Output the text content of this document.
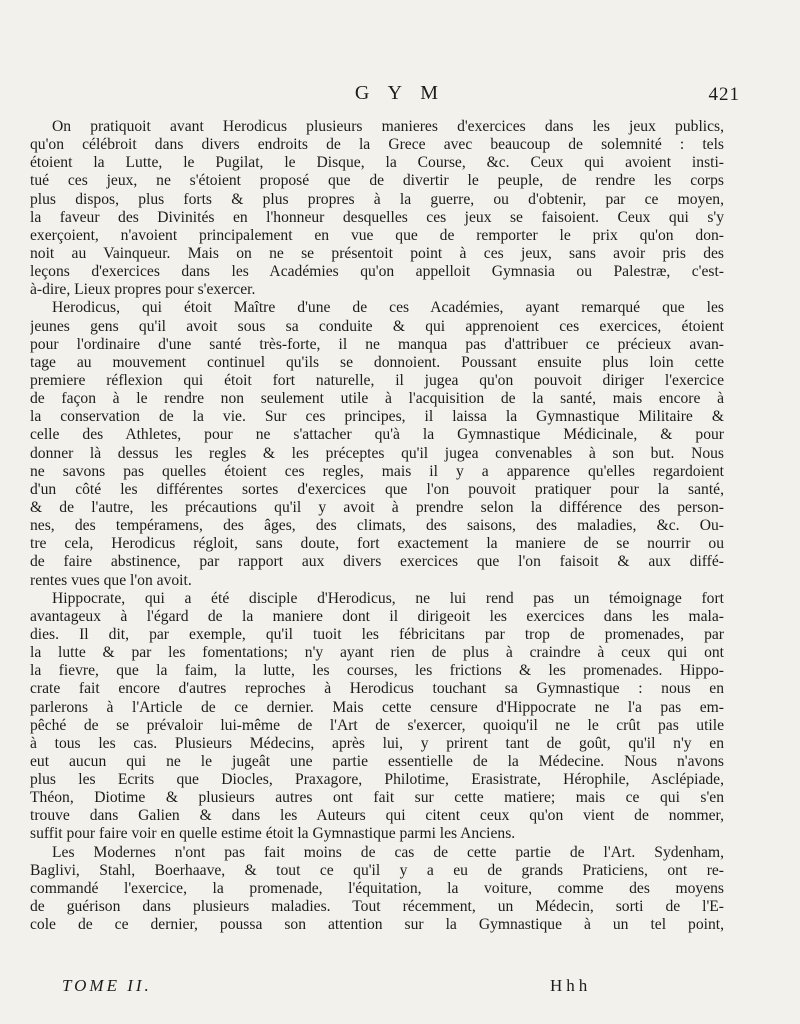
G Y M	421
On pratiquoit avant Herodicus plusieurs manieres d'exercices dans les jeux publics,
qu'on célébroit dans divers endroits de la Grece avec beaucoup de solemnité : tels
étoient la Lutte, le Pugilat, le Disque, la Course, &c. Ceux qui avoient insti-
tué ces jeux, ne s'étoient proposé que de divertir le peuple, de rendre les corps
plus dispos, plus forts & plus propres à la guerre, ou d'obtenir, par ce moyen,
la faveur des Divinités en l'honneur desquelles ces jeux se faisoient. Ceux qui s'y
exerçoient, n'avoient principalement en vue que de remporter le prix qu'on don-
noit au Vainqueur. Mais on ne se présentoit point à ces jeux, sans avoir pris des
leçons d'exercices dans les Académies qu'on appelloit Gymnasia ou Palestræ, c'est-
à-dire, Lieux propres pour s'exercer.
Herodicus, qui étoit Maître d'une de ces Académies, ayant remarqué que les
jeunes gens qu'il avoit sous sa conduite & qui apprenoient ces exercices, étoient
pour l'ordinaire d'une santé très-forte, il ne manqua pas d'attribuer ce précieux avan-
tage au mouvement continuel qu'ils se donnoient. Poussant ensuite plus loin cette
premiere réflexion qui étoit fort naturelle, il jugea qu'on pouvoit diriger l'exercice
de façon à le rendre non seulement utile à l'acquisition de la santé, mais encore à
la conservation de la vie. Sur ces principes, il laissa la Gymnastique Militaire &
celle des Athletes, pour ne s'attacher qu'à la Gymnastique Médicinale, & pour
donner là dessus les regles & les préceptes qu'il jugea convenables à son but. Nous
ne savons pas quelles étoient ces regles, mais il y a apparence qu'elles regardoient
d'un côté les différentes sortes d'exercices que l'on pouvoit pratiquer pour la santé,
& de l'autre, les précautions qu'il y avoit à prendre selon la différence des person-
nes, des tempéramens, des âges, des climats, des saisons, des maladies, &c. Ou-
tre cela, Herodicus régloit, sans doute, fort exactement la maniere de se nourrir ou
de faire abstinence, par rapport aux divers exercices que l'on faisoit & aux diffé-
rentes vues que l'on avoit.
Hippocrate, qui a été disciple d'Herodicus, ne lui rend pas un témoignage fort
avantageux à l'égard de la maniere dont il dirigeoit les exercices dans les mala-
dies. Il dit, par exemple, qu'il tuoit les fébricitans par trop de promenades, par
la lutte & par les fomentations; n'y ayant rien de plus à craindre à ceux qui ont
la fievre, que la faim, la lutte, les courses, les frictions & les promenades. Hippo-
crate fait encore d'autres reproches à Herodicus touchant sa Gymnastique : nous en
parlerons à l'Article de ce dernier. Mais cette censure d'Hippocrate ne l'a pas em-
pêché de se prévaloir lui-même de l'Art de s'exercer, quoiqu'il ne le crût pas utile
à tous les cas. Plusieurs Médecins, après lui, y prirent tant de goût, qu'il n'y en
eut aucun qui ne le jugeât une partie essentielle de la Médecine. Nous n'avons
plus les Ecrits que Diocles, Praxagore, Philotime, Erasistrate, Hérophile, Asclépiade,
Théon, Diotime & plusieurs autres ont fait sur cette matiere; mais ce qui s'en
trouve dans Galien & dans les Auteurs qui citent ceux qu'on vient de nommer,
suffit pour faire voir en quelle estime étoit la Gymnastique parmi les Anciens.
Les Modernes n'ont pas fait moins de cas de cette partie de l'Art. Sydenham,
Baglivi, Stahl, Boerhaave, & tout ce qu'il y a eu de grands Praticiens, ont re-
commandé l'exercice, la promenade, l'équitation, la voiture, comme des moyens
de guérison dans plusieurs maladies. Tout récemment, un Médecin, sorti de l'E-
cole de ce dernier, poussa son attention sur la Gymnastique à un tel point,
TOME II.	Hhh
